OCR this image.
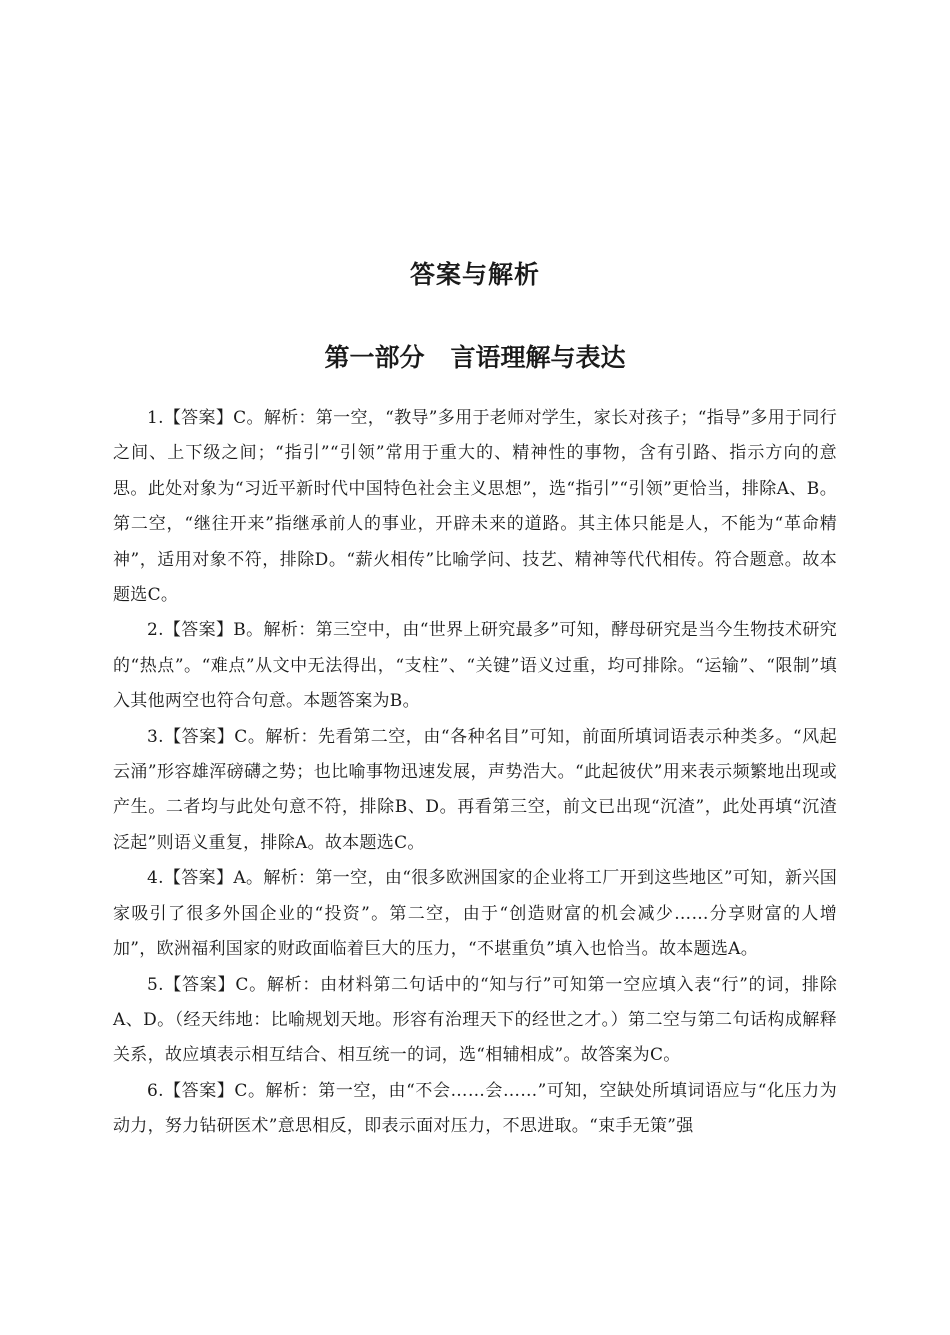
答案与解析
第一部分   言语理解与表达

1.【答案】C。解析：第一空，“教导”多用于老师对学生，家长对孩子；“指导”多用于同行之间、上下级之间；“指引”“引领”常用于重大的、精神性的事物，含有引路、指示方向的意思。此处对象为“习近平新时代中国特色社会主义思想”，选“指引”“引领”更恰当，排除A、B。第二空，“继往开来”指继承前人的事业，开辟未来的道路。其主体只能是人，不能为“革命精神”，适用对象不符，排除D。“薪火相传”比喻学问、技艺、精神等代代相传。符合题意。故本题选C。

2.【答案】B。解析：第三空中，由“世界上研究最多”可知，酵母研究是当今生物技术研究的“热点”。“难点”从文中无法得出，“支柱”、“关键”语义过重，均可排除。“运输”、“限制”填入其他两空也符合句意。本题答案为B。

3.【答案】C。解析：先看第二空，由“各种名目”可知，前面所填词语表示种类多。“风起云涌”形容雄浑磅礴之势；也比喻事物迅速发展，声势浩大。“此起彼伏”用来表示频繁地出现或产生。二者均与此处句意不符，排除B、D。再看第三空，前文已出现“沉渣”，此处再填“沉渣泛起”则语义重复，排除A。故本题选C。

4.【答案】A。解析：第一空，由“很多欧洲国家的企业将工厂开到这些地区”可知，新兴国家吸引了很多外国企业的“投资”。第二空，由于“创造财富的机会减少……分享财富的人增加”，欧洲福利国家的财政面临着巨大的压力，“不堪重负”填入也恰当。故本题选A。

5.【答案】C。解析：由材料第二句话中的“知与行”可知第一空应填入表“行”的词，排除A、D。（经天纬地：比喻规划天地。形容有治理天下的经世之才。）第二空与第二句话构成解释关系，故应填表示相互结合、相互统一的词，选“相辅相成”。故答案为C。

6.【答案】C。解析：第一空，由“不会……会……”可知，空缺处所填词语应与“化压力为动力，努力钻研医术”意思相反，即表示面对压力，不思进取。“束手无策”强
